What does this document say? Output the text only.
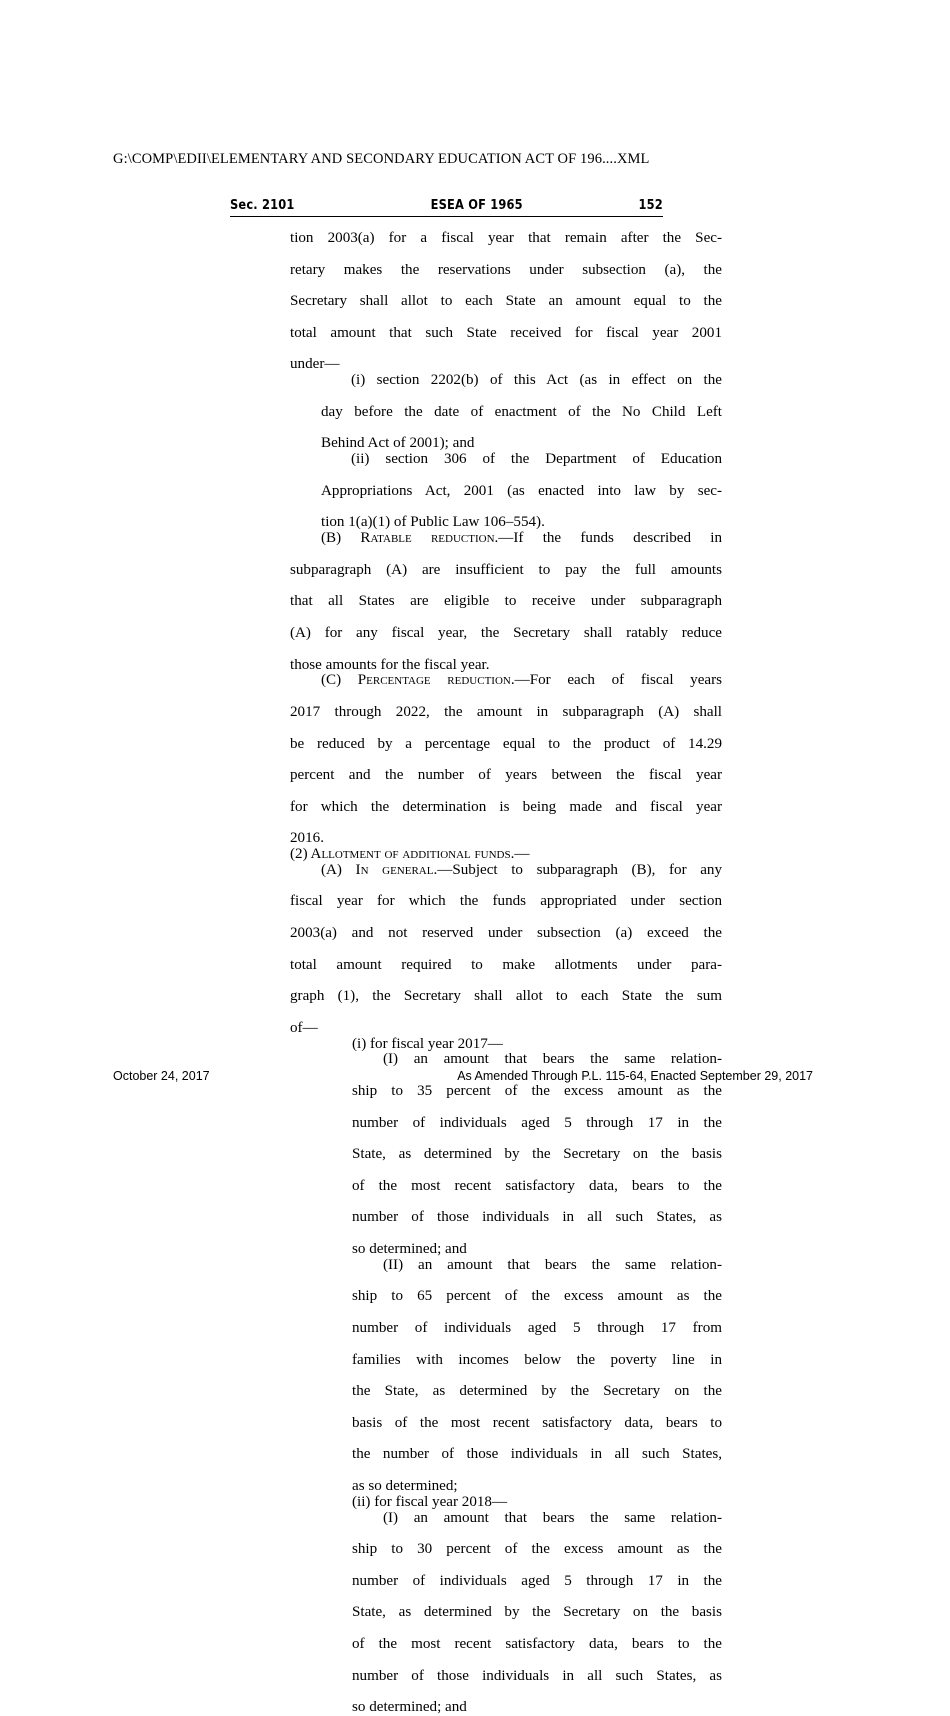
G:\COMP\EDII\ELEMENTARY AND SECONDARY EDUCATION ACT OF 196....XML
Sec. 2101	ESEA OF 1965	152
tion 2003(a) for a fiscal year that remain after the Sec-
retary makes the reservations under subsection (a), the
Secretary shall allot to each State an amount equal to the
total amount that such State received for fiscal year 2001
under—
(i) section 2202(b) of this Act (as in effect on the
day before the date of enactment of the No Child Left
Behind Act of 2001); and
(ii) section 306 of the Department of Education
Appropriations Act, 2001 (as enacted into law by sec-
tion 1(a)(1) of Public Law 106–554).
(B) Ratable reduction.—If the funds described in
subparagraph (A) are insufficient to pay the full amounts
that all States are eligible to receive under subparagraph
(A) for any fiscal year, the Secretary shall ratably reduce
those amounts for the fiscal year.
(C) Percentage reduction.—For each of fiscal years
2017 through 2022, the amount in subparagraph (A) shall
be reduced by a percentage equal to the product of 14.29
percent and the number of years between the fiscal year
for which the determination is being made and fiscal year
2016.
(2) Allotment of additional funds.—
(A) In general.—Subject to subparagraph (B), for any
fiscal year for which the funds appropriated under section
2003(a) and not reserved under subsection (a) exceed the
total amount required to make allotments under para-
graph (1), the Secretary shall allot to each State the sum
of—
(i) for fiscal year 2017—
(I) an amount that bears the same relation-
ship to 35 percent of the excess amount as the
number of individuals aged 5 through 17 in the
State, as determined by the Secretary on the basis
of the most recent satisfactory data, bears to the
number of those individuals in all such States, as
so determined; and
(II) an amount that bears the same relation-
ship to 65 percent of the excess amount as the
number of individuals aged 5 through 17 from
families with incomes below the poverty line in
the State, as determined by the Secretary on the
basis of the most recent satisfactory data, bears to
the number of those individuals in all such States,
as so determined;
(ii) for fiscal year 2018—
(I) an amount that bears the same relation-
ship to 30 percent of the excess amount as the
number of individuals aged 5 through 17 in the
State, as determined by the Secretary on the basis
of the most recent satisfactory data, bears to the
number of those individuals in all such States, as
so determined; and
October 24, 2017	As Amended Through P.L. 115-64, Enacted September 29, 2017
